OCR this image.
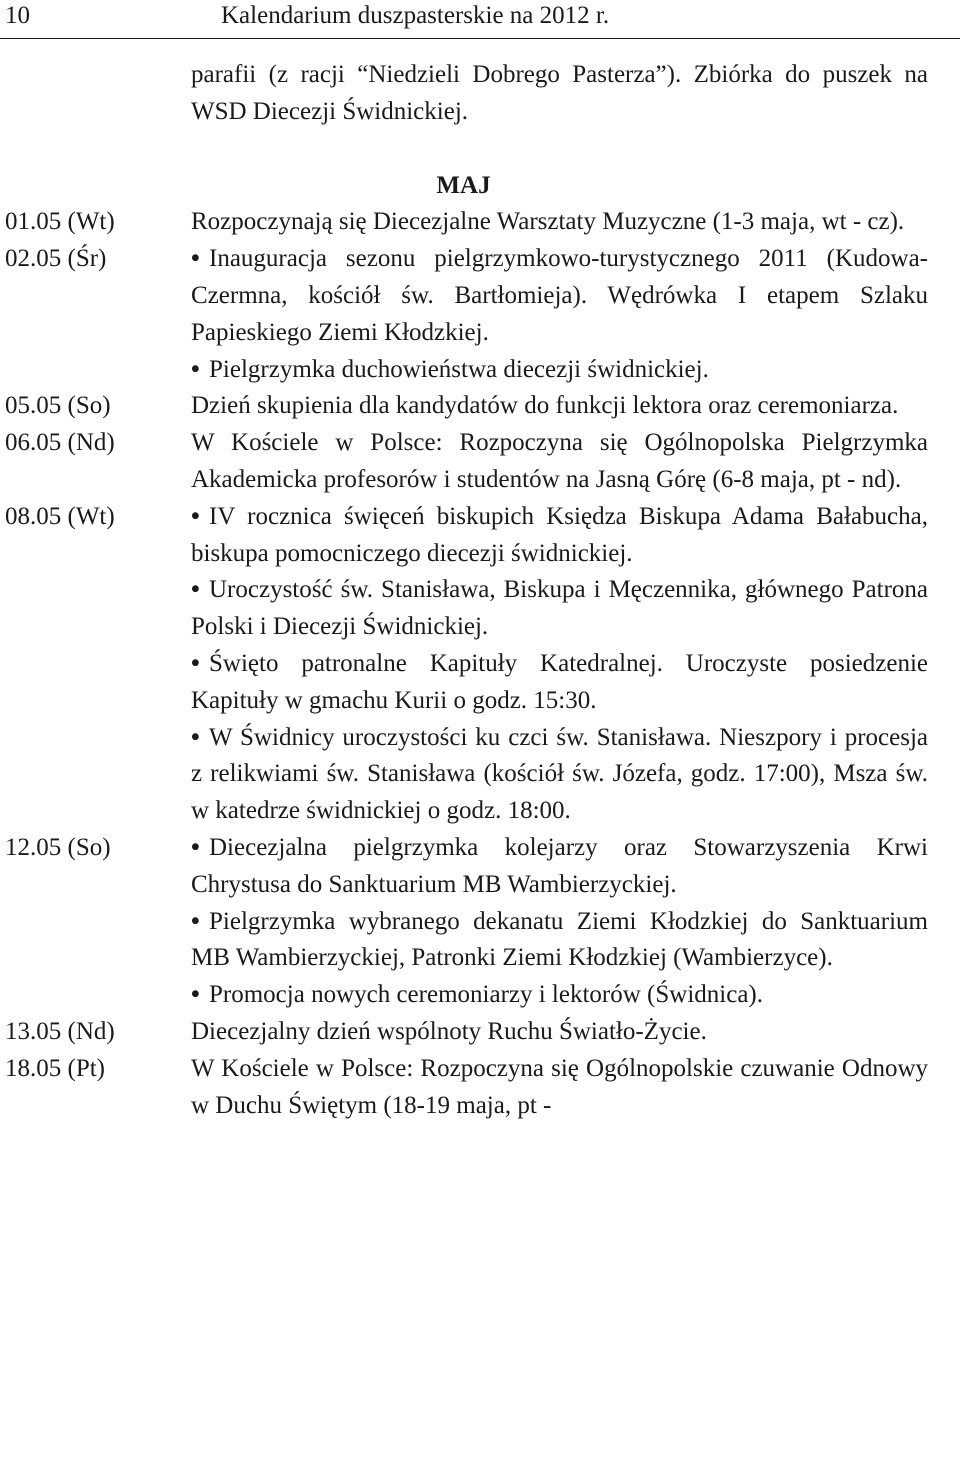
10	Kalendarium duszpasterskie na 2012 r.
parafii (z racji “Niedzieli Dobrego Pasterza”). Zbiórka do puszek na WSD Diecezji Świdnickiej.
MAJ
01.05 (Wt)	Rozpoczynają się Diecezjalne Warsztaty Muzyczne (1-3 maja, wt - cz).
02.05 (Śr)	• Inauguracja sezonu pielgrzymkowo-turystycznego 2011 (Kudowa-Czermna, kościół św. Bartłomieja). Wędrówka I etapem Szlaku Papieskiego Ziemi Kłodzkiej.
• Pielgrzymka duchowieństwa diecezji świdnickiej.
05.05 (So)	Dzień skupienia dla kandydatów do funkcji lektora oraz ceremoniarza.
06.05 (Nd)	W Kościele w Polsce: Rozpoczyna się Ogólnopolska Pielgrzymka Akademicka profesorów i studentów na Jasną Górę (6-8 maja, pt - nd).
08.05 (Wt)	• IV rocznica święceń biskupich Księdza Biskupa Adama Bałabucha, biskupa pomocniczego diecezji świdnickiej.
• Uroczystość św. Stanisława, Biskupa i Męczennika, głównego Patrona Polski i Diecezji Świdnickiej.
• Święto patronalne Kapituły Katedralnej. Uroczyste posiedzenie Kapituły w gmachu Kurii o godz. 15:30.
• W Świdnicy uroczystości ku czci św. Stanisława. Nieszpory i procesja z relikwiami św. Stanisława (kościół św. Józefa, godz. 17:00), Msza św. w katedrze świdnickiej o godz. 18:00.
12.05 (So)	• Diecezjalna pielgrzymka kolejarzy oraz Stowarzyszenia Krwi Chrystusa do Sanktuarium MB Wambierzyckiej.
• Pielgrzymka wybranego dekanatu Ziemi Kłodzkiej do Sanktuarium MB Wambierzyckiej, Patronki Ziemi Kłodzkiej (Wambierzyce).
• Promocja nowych ceremoniarzy i lektorów (Świdnica).
13.05 (Nd)	Diecezjalny dzień wspólnoty Ruchu Światło-Życie.
18.05 (Pt)	W Kościele w Polsce: Rozpoczyna się Ogólnopolskie czuwanie Odnowy w Duchu Świętym (18-19 maja, pt -
